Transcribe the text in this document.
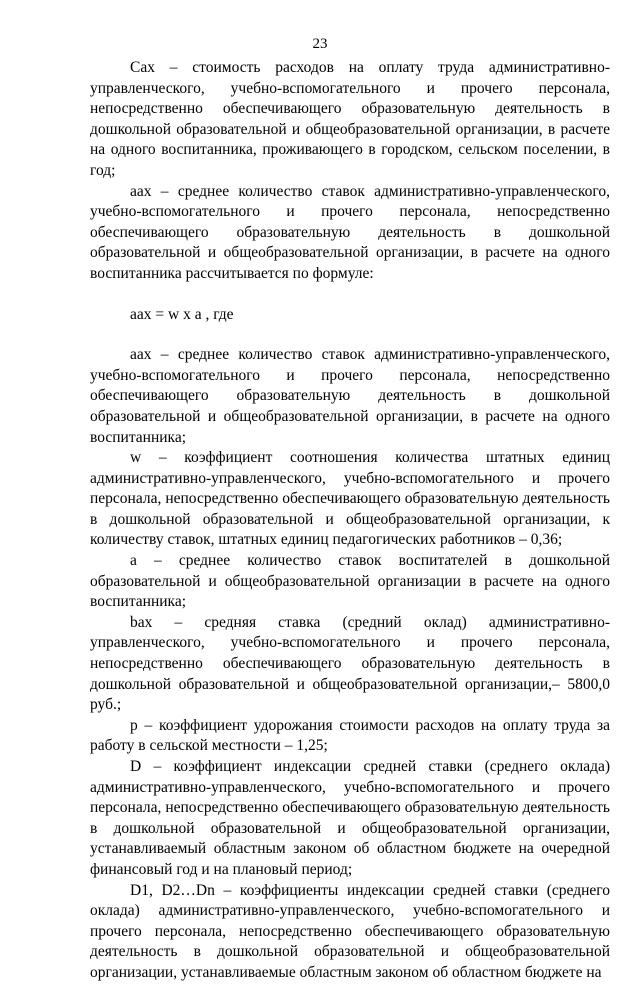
23

Сах – стоимость расходов на оплату труда административно-управленческого, учебно-вспомогательного и прочего персонала, непосредственно обеспечивающего образовательную деятельность в дошкольной образовательной и общеобразовательной организации, в расчете на одного воспитанника, проживающего в городском, сельском поселении, в год;

аах – среднее количество ставок административно-управленческого, учебно-вспомогательного и прочего персонала, непосредственно обеспечивающего образовательную деятельность в дошкольной образовательной и общеобразовательной организации, в расчете на одного воспитанника рассчитывается по формуле:

аах = w х а , где

аах – среднее количество ставок административно-управленческого, учебно-вспомогательного и прочего персонала, непосредственно обеспечивающего образовательную деятельность в дошкольной образовательной и общеобразовательной организации, в расчете на одного воспитанника;

w – коэффициент соотношения количества штатных единиц административно-управленческого, учебно-вспомогательного и прочего персонала, непосредственно обеспечивающего образовательную деятельность в дошкольной образовательной и общеобразовательной организации, к количеству ставок, штатных единиц педагогических работников – 0,36;

а – среднее количество ставок воспитателей в дошкольной образовательной и общеобразовательной организации в расчете на одного воспитанника;

bах – средняя ставка (средний оклад) административно-управленческого, учебно-вспомогательного и прочего персонала, непосредственно обеспечивающего образовательную деятельность в дошкольной образовательной и общеобразовательной организации,– 5800,0 руб.;

p – коэффициент удорожания стоимости расходов на оплату труда за работу в сельской местности – 1,25;

D – коэффициент индексации средней ставки (среднего оклада) административно-управленческого, учебно-вспомогательного и прочего персонала, непосредственно обеспечивающего образовательную деятельность в дошкольной образовательной и общеобразовательной организации, устанавливаемый областным законом об областном бюджете на очередной финансовый год и на плановый период;

D1, D2…Dn – коэффициенты индексации средней ставки (среднего оклада) административно-управленческого, учебно-вспомогательного и прочего персонала, непосредственно обеспечивающего образовательную деятельность в дошкольной образовательной и общеобразовательной организации, устанавливаемые областным законом об областном бюджете на
